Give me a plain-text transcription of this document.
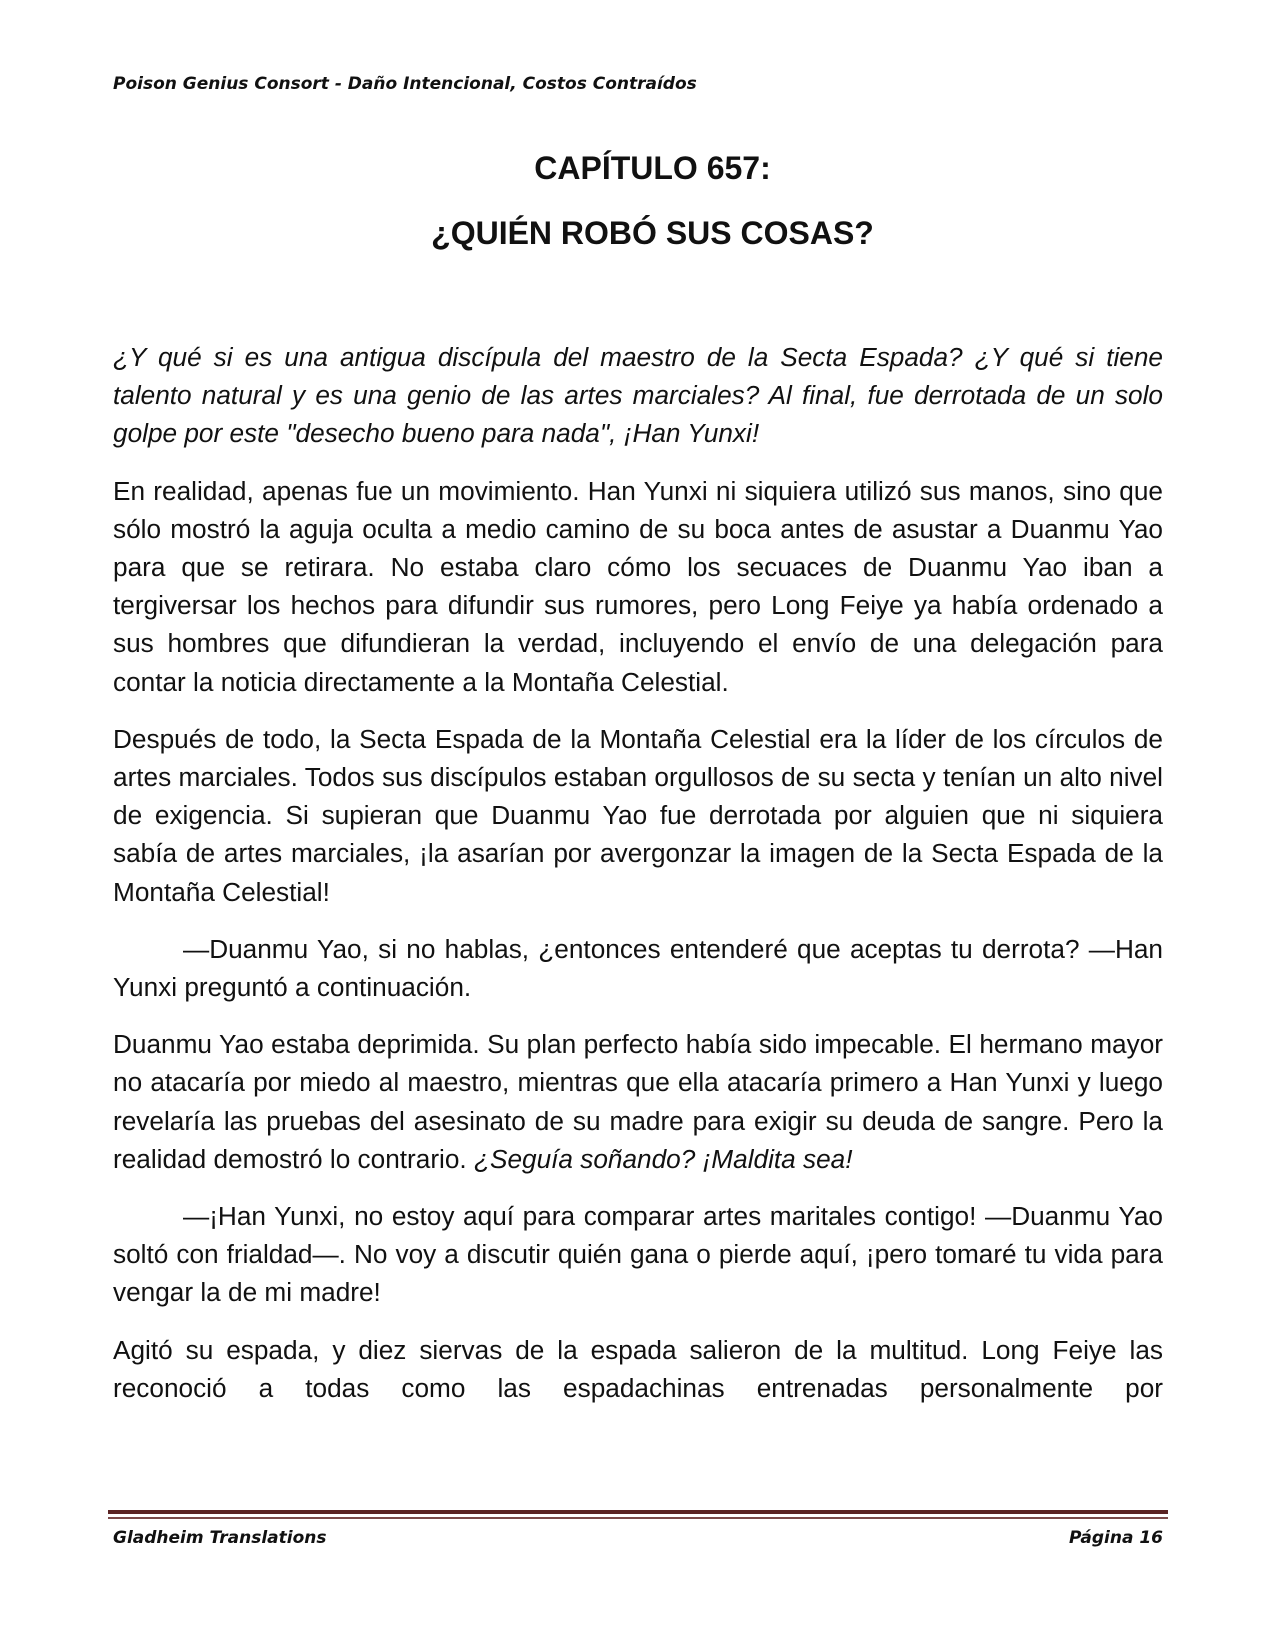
Poison Genius Consort - Daño Intencional, Costos Contraídos
CAPÍTULO 657:
¿QUIÉN ROBÓ SUS COSAS?

¿Y qué si es una antigua discípula del maestro de la Secta Espada? ¿Y qué si tiene talento natural y es una genio de las artes marciales? Al final, fue derrotada de un solo golpe por este "desecho bueno para nada", ¡Han Yunxi!

En realidad, apenas fue un movimiento. Han Yunxi ni siquiera utilizó sus manos, sino que sólo mostró la aguja oculta a medio camino de su boca antes de asustar a Duanmu Yao para que se retirara. No estaba claro cómo los secuaces de Duanmu Yao iban a tergiversar los hechos para difundir sus rumores, pero Long Feiye ya había ordenado a sus hombres que difundieran la verdad, incluyendo el envío de una delegación para contar la noticia directamente a la Montaña Celestial.

Después de todo, la Secta Espada de la Montaña Celestial era la líder de los círculos de artes marciales. Todos sus discípulos estaban orgullosos de su secta y tenían un alto nivel de exigencia. Si supieran que Duanmu Yao fue derrotada por alguien que ni siquiera sabía de artes marciales, ¡la asarían por avergonzar la imagen de la Secta Espada de la Montaña Celestial!

—Duanmu Yao, si no hablas, ¿entonces entenderé que aceptas tu derrota? —Han Yunxi preguntó a continuación.

Duanmu Yao estaba deprimida. Su plan perfecto había sido impecable. El hermano mayor no atacaría por miedo al maestro, mientras que ella atacaría primero a Han Yunxi y luego revelaría las pruebas del asesinato de su madre para exigir su deuda de sangre. Pero la realidad demostró lo contrario. ¿Seguía soñando? ¡Maldita sea!

—¡Han Yunxi, no estoy aquí para comparar artes maritales contigo! —Duanmu Yao soltó con frialdad—. No voy a discutir quién gana o pierde aquí, ¡pero tomaré tu vida para vengar la de mi madre!

Agitó su espada, y diez siervas de la espada salieron de la multitud. Long Feiye las reconoció a todas como las espadachinas entrenadas personalmente por

Gladheim Translations	Página 16
